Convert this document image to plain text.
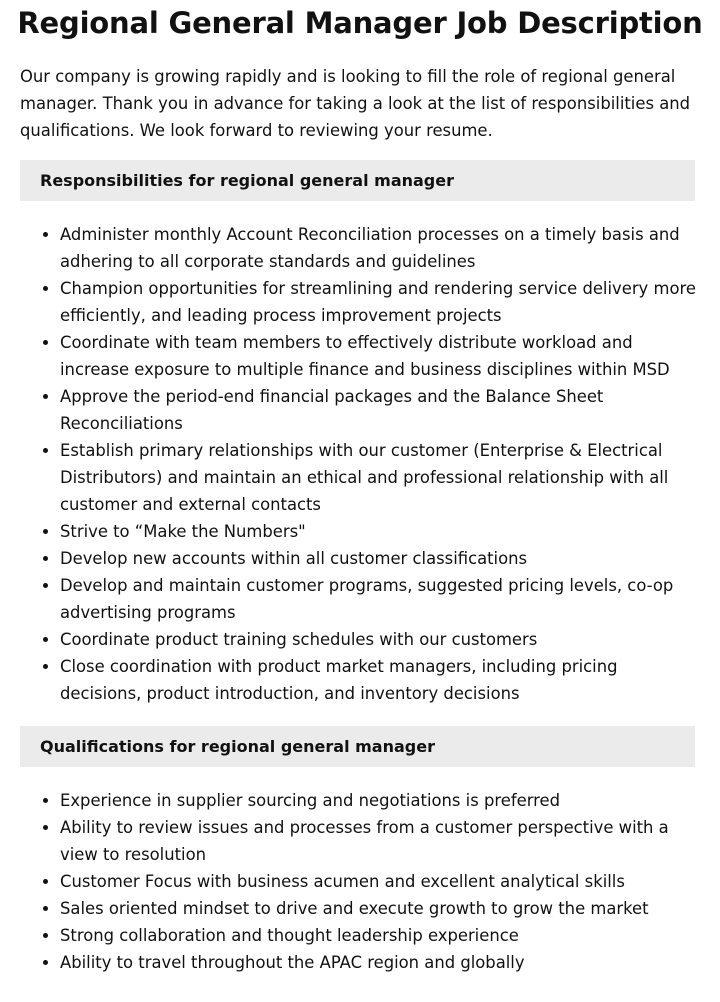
Regional General Manager Job Description

Our company is growing rapidly and is looking to fill the role of regional general manager. Thank you in advance for taking a look at the list of responsibilities and qualifications. We look forward to reviewing your resume.

Responsibilities for regional general manager
• Administer monthly Account Reconciliation processes on a timely basis and adhering to all corporate standards and guidelines
• Champion opportunities for streamlining and rendering service delivery more efficiently, and leading process improvement projects
• Coordinate with team members to effectively distribute workload and increase exposure to multiple finance and business disciplines within MSD
• Approve the period-end financial packages and the Balance Sheet Reconciliations
• Establish primary relationships with our customer (Enterprise & Electrical Distributors) and maintain an ethical and professional relationship with all customer and external contacts
• Strive to “Make the Numbers"
• Develop new accounts within all customer classifications
• Develop and maintain customer programs, suggested pricing levels, co-op advertising programs
• Coordinate product training schedules with our customers
• Close coordination with product market managers, including pricing decisions, product introduction, and inventory decisions
Qualifications for regional general manager
• Experience in supplier sourcing and negotiations is preferred
• Ability to review issues and processes from a customer perspective with a view to resolution
• Customer Focus with business acumen and excellent analytical skills
• Sales oriented mindset to drive and execute growth to grow the market
• Strong collaboration and thought leadership experience
• Ability to travel throughout the APAC region and globally
